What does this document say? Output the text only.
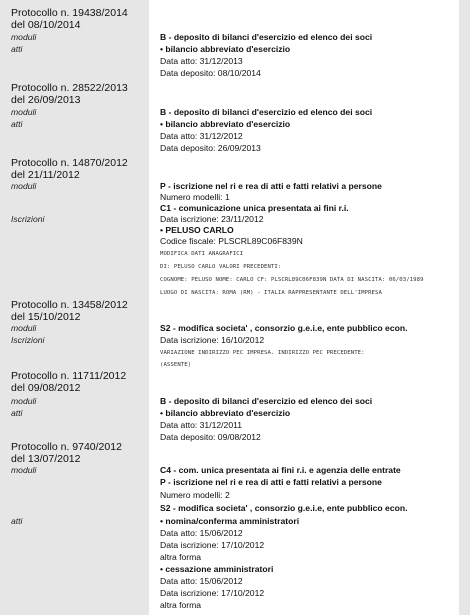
Protocollo n. 19438/2014
del 08/10/2014
moduli
atti
B - deposito di bilanci d'esercizio ed elenco dei soci
• bilancio abbreviato d'esercizio
Data atto: 31/12/2013
Data deposito: 08/10/2014
Protocollo n. 28522/2013
del 26/09/2013
moduli
atti
B - deposito di bilanci d'esercizio ed elenco dei soci
• bilancio abbreviato d'esercizio
Data atto: 31/12/2012
Data deposito: 26/09/2013
Protocollo n. 14870/2012
del 21/11/2012
moduli
Iscrizioni
P - iscrizione nel ri e rea di atti e fatti relativi a persone
Numero modelli: 1
C1 - comunicazione unica presentata ai fini r.i.
Data iscrizione: 23/11/2012
• PELUSO CARLO
Codice fiscale: PLSCRL89C06F839N
MODIFICA DATI ANAGRAFICI
DI: PELUSO CARLO VALORI PRECEDENTI:
COGNOME: PELUSO NOME: CARLO CF: PLSCRL89C06F839N DATA DI NASCITA: 06/03/1989
LUOGO DI NASCITA: ROMA (RM) - ITALIA RAPPRESENTANTE DELL'IMPRESA
Protocollo n. 13458/2012
del 15/10/2012
moduli
Iscrizioni
S2 - modifica societa' , consorzio g.e.i.e, ente pubblico econ.
Data iscrizione: 16/10/2012
VARIAZIONE INDIRIZZO PEC IMPRESA. INDIRIZZO PEC PRECEDENTE:
(ASSENTE)
Protocollo n. 11711/2012
del 09/08/2012
moduli
atti
B - deposito di bilanci d'esercizio ed elenco dei soci
• bilancio abbreviato d'esercizio
Data atto: 31/12/2011
Data deposito: 09/08/2012
Protocollo n. 9740/2012
del 13/07/2012
moduli
atti
C4 - com. unica presentata ai fini r.i. e agenzia delle entrate
P - iscrizione nel ri e rea di atti e fatti relativi a persone
Numero modelli: 2
S2 - modifica societa' , consorzio g.e.i.e, ente pubblico econ.
• nomina/conferma amministratori
Data atto: 15/06/2012
Data iscrizione: 17/10/2012
altra forma
• cessazione amministratori
Data atto: 15/06/2012
Data iscrizione: 17/10/2012
altra forma
